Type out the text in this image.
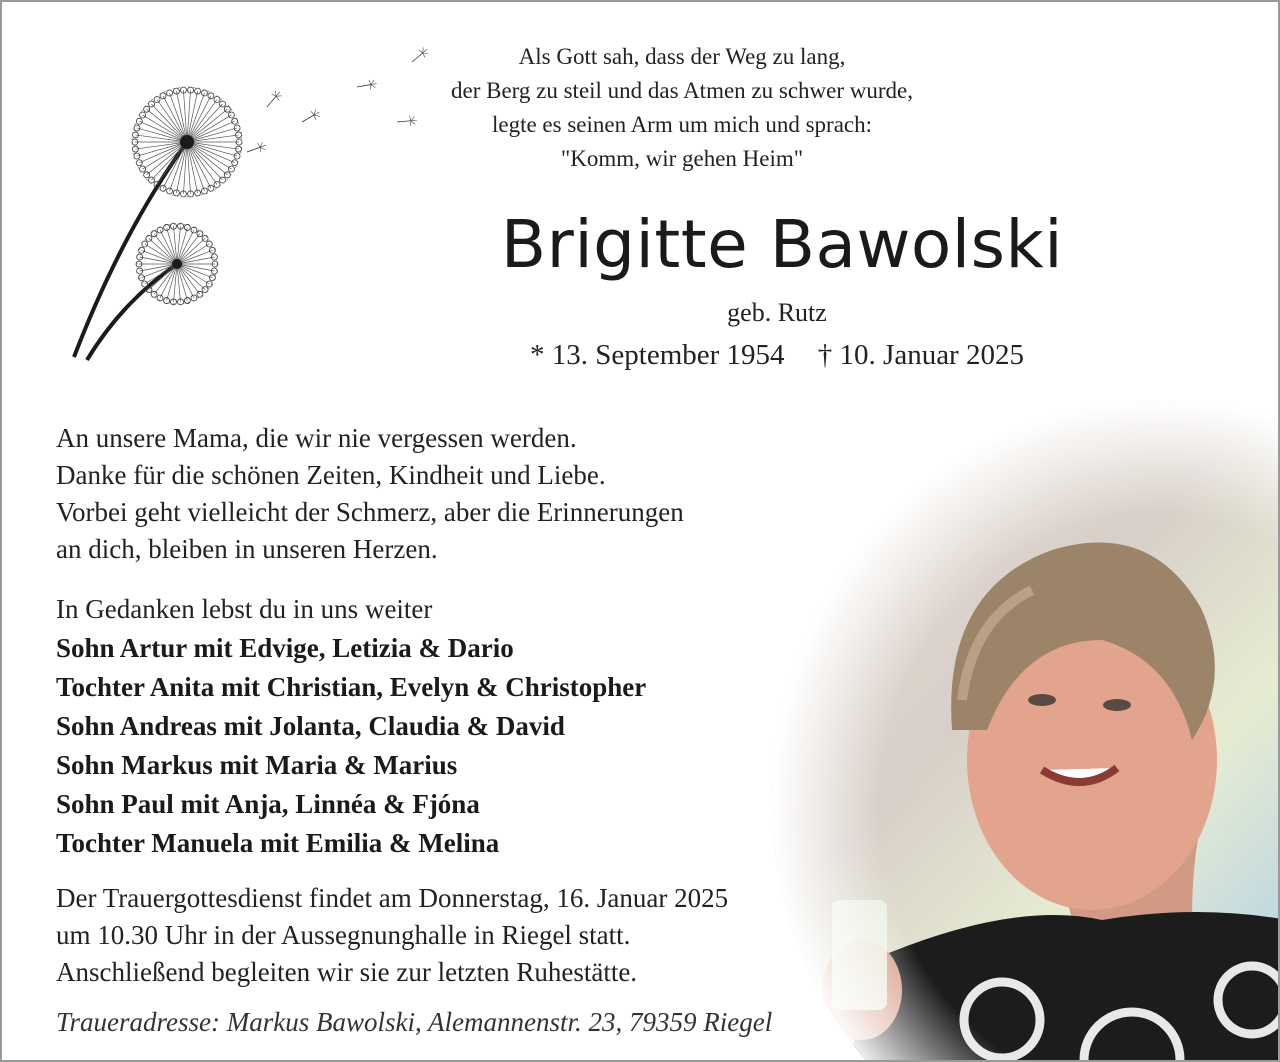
Als Gott sah, dass der Weg zu lang,
der Berg zu steil und das Atmen zu schwer wurde,
legte es seinen Arm um mich und sprach:
"Komm, wir gehen Heim"
Brigitte Bawolski
geb. Rutz
* 13. September 1954 † 10. Januar 2025
An unsere Mama, die wir nie vergessen werden.
Danke für die schönen Zeiten, Kindheit und Liebe.
Vorbei geht vielleicht der Schmerz, aber die Erinnerungen
an dich, bleiben in unseren Herzen.
In Gedanken lebst du in uns weiter
Sohn Artur mit Edvige, Letizia & Dario
Tochter Anita mit Christian, Evelyn & Christopher
Sohn Andreas mit Jolanta, Claudia & David
Sohn Markus mit Maria & Marius
Sohn Paul mit Anja, Linnéa & Fjóna
Tochter Manuela mit Emilia & Melina
Der Trauergottesdienst findet am Donnerstag, 16. Januar 2025
um 10.30 Uhr in der Aussegnunghalle in Riegel statt.
Anschließend begleiten wir sie zur letzten Ruhestätte.
Traueradresse: Markus Bawolski, Alemannenstr. 23, 79359 Riegel
